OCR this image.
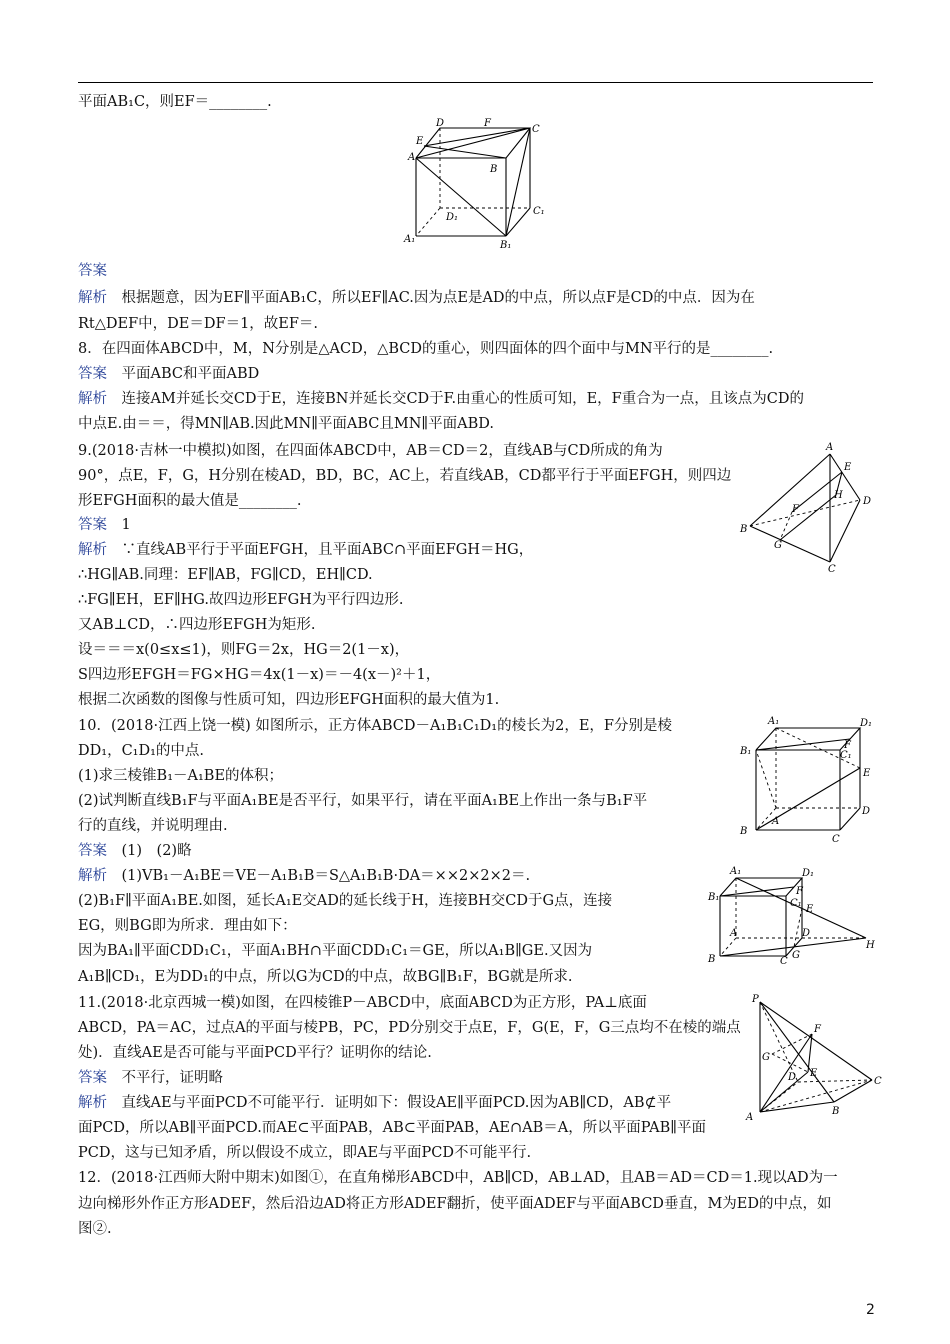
平面AB₁C，则EF＝________.
答案
解析　根据题意，因为EF∥平面AB₁C，所以EF∥AC.因为点E是AD的中点，所以点F是CD的中点．因为在
Rt△DEF中，DE＝DF＝1，故EF＝.
8．在四面体ABCD中，M，N分别是△ACD，△BCD的重心，则四面体的四个面中与MN平行的是________.
答案　平面ABC和平面ABD
解析　连接AM并延长交CD于E，连接BN并延长交CD于F.由重心的性质可知，E，F重合为一点，且该点为CD的
中点E.由＝＝，得MN∥AB.因此MN∥平面ABC且MN∥平面ABD.
9.(2018·吉林一中模拟)如图，在四面体ABCD中，AB＝CD＝2，直线AB与CD所成的角为
90°，点E，F，G，H分别在棱AD，BD，BC，AC上，若直线AB，CD都平行于平面EFGH，则四边
形EFGH面积的最大值是________.
答案　1
解析　∵直线AB平行于平面EFGH，且平面ABC∩平面EFGH＝HG，
∴HG∥AB.同理：EF∥AB，FG∥CD，EH∥CD.
∴FG∥EH，EF∥HG.故四边形EFGH为平行四边形.
又AB⊥CD，∴四边形EFGH为矩形.
设＝＝＝x(0≤x≤1)，则FG＝2x，HG＝2(1－x)，
S四边形EFGH＝FG×HG＝4x(1－x)＝－4(x－)²＋1，
根据二次函数的图像与性质可知，四边形EFGH面积的最大值为1.
10．(2018·江西上饶一模) 如图所示，正方体ABCD－A₁B₁C₁D₁的棱长为2，E，F分别是棱
DD₁，C₁D₁的中点.
(1)求三棱锥B₁－A₁BE的体积；
(2)试判断直线B₁F与平面A₁BE是否平行，如果平行，请在平面A₁BE上作出一条与B₁F平
行的直线，并说明理由.
答案　(1)　(2)略
解析　(1)VB₁－A₁BE＝VE－A₁B₁B＝S△A₁B₁B·DA＝××2×2×2＝.
(2)B₁F∥平面A₁BE.如图，延长A₁E交AD的延长线于H，连接BH交CD于G点，连接
EG，则BG即为所求．理由如下：
因为BA₁∥平面CDD₁C₁，平面A₁BH∩平面CDD₁C₁＝GE，所以A₁B∥GE.又因为
A₁B∥CD₁，E为DD₁的中点，所以G为CD的中点，故BG∥B₁F，BG就是所求.
11.(2018·北京西城一模)如图，在四棱锥P－ABCD中，底面ABCD为正方形，PA⊥底面
ABCD，PA＝AC，过点A的平面与棱PB，PC，PD分别交于点E，F，G(E，F，G三点均不在棱的端点
处)．直线AE是否可能与平面PCD平行？证明你的结论.
答案　不平行，证明略
解析　直线AE与平面PCD不可能平行．证明如下：假设AE∥平面PCD.因为AB∥CD，AB⊄平
面PCD，所以AB∥平面PCD.而AE⊂平面PAB，AB⊂平面PAB，AE∩AB＝A，所以平面PAB∥平面
PCD，这与已知矛盾，所以假设不成立，即AE与平面PCD不可能平行.
12．(2018·江西师大附中期末)如图①，在直角梯形ABCD中，AB∥CD，AB⊥AD，且AB＝AD＝CD＝1.现以AD为一
边向梯形外作正方形ADEF，然后沿边AD将正方形ADEF翻折，使平面ADEF与平面ABCD垂直，M为ED的中点，如
图②.
D	F
C
E
A
B
D₁
C₁
A₁
B₁
A
E
H
D
F
B
G
C
A₁	D₁
B₁	C₁
F
E
D
A
B
C
A₁	D₁
B₁
C₁
F
E
A	D
G
B	C
H
P
F
G
E
D
A
B
C
2
